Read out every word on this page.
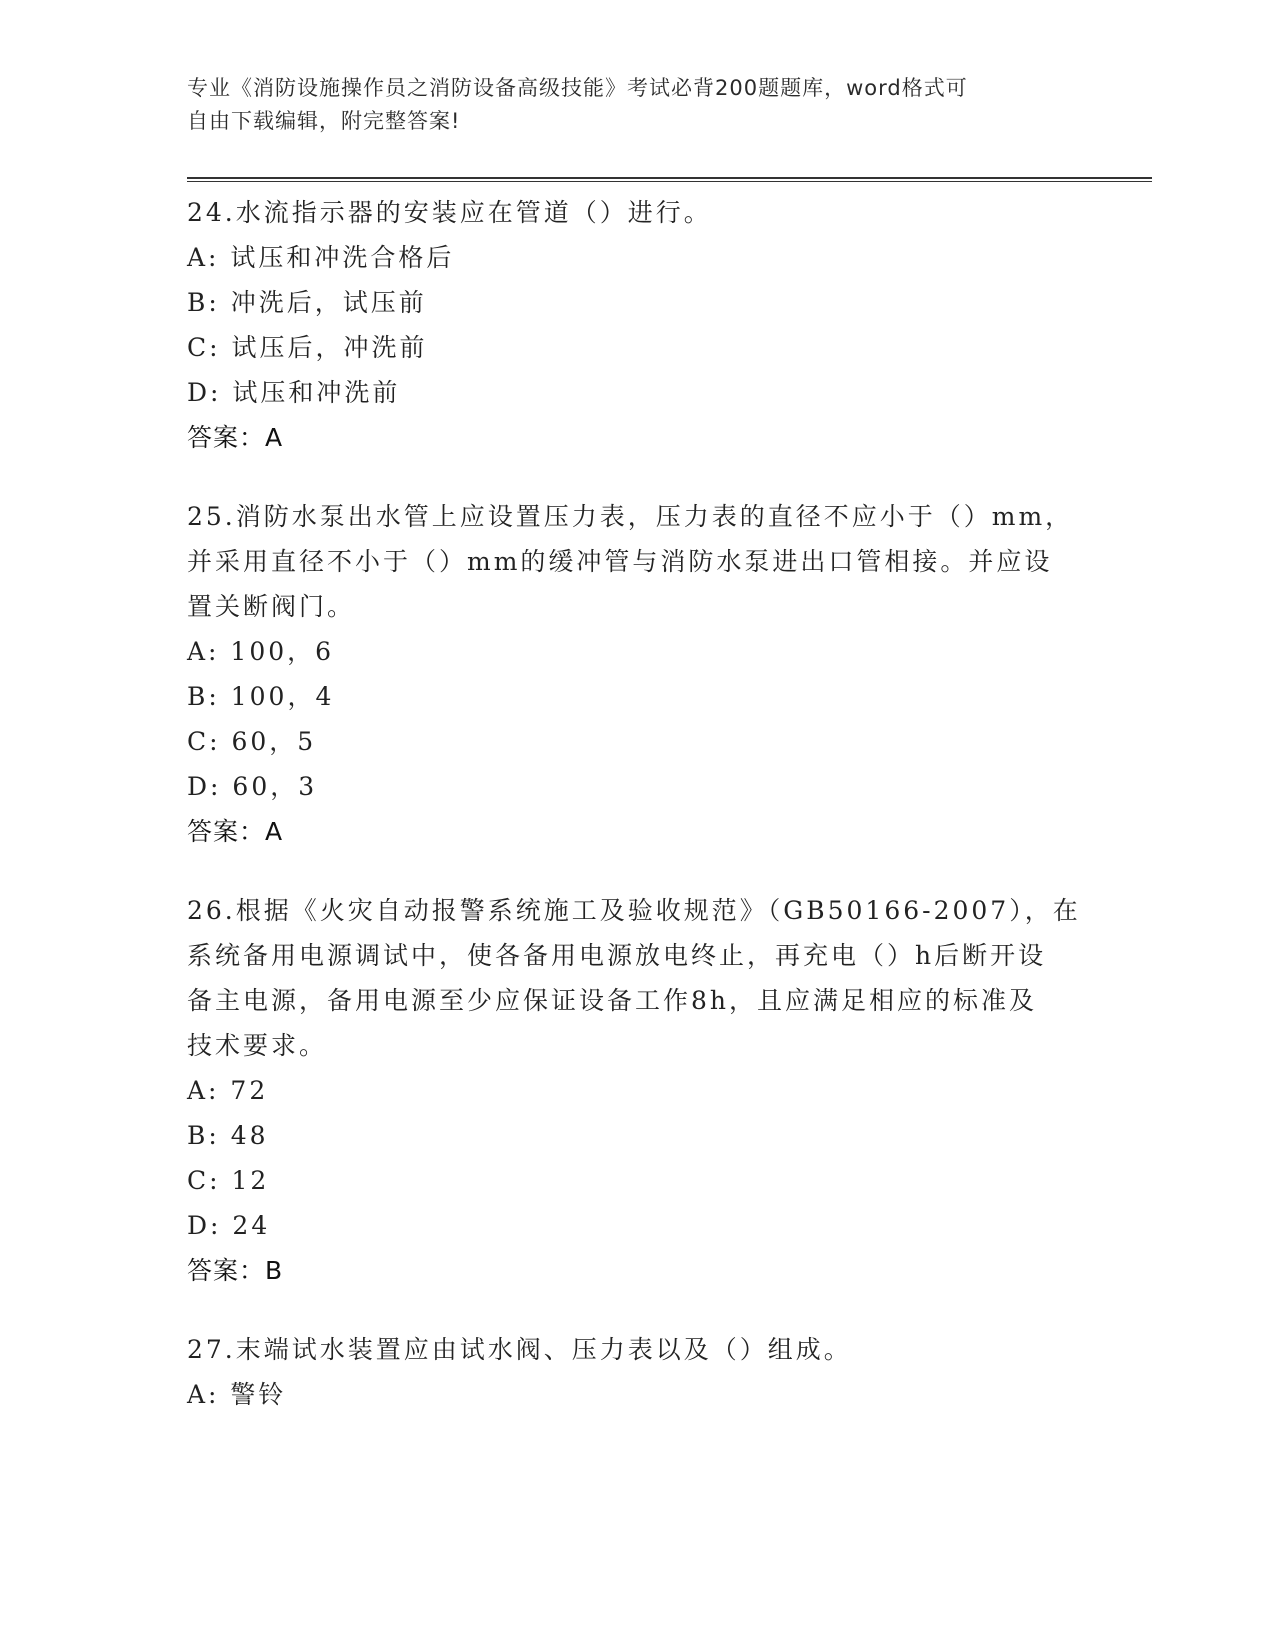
专业《消防设施操作员之消防设备高级技能》考试必背200题题库，word格式可
自由下载编辑，附完整答案!

24.水流指示器的安装应在管道（）进行。

A: 试压和冲洗合格后

B: 冲洗后，试压前

C: 试压后，冲洗前

D: 试压和冲洗前

答案：A

25.消防水泵出水管上应设置压力表，压力表的直径不应小于（）mm，

并采用直径不小于（）mm的缓冲管与消防水泵进出口管相接。并应设

置关断阀门。

A: 100，6

B: 100，4

C: 60，5

D: 60，3

答案：A

26.根据《火灾自动报警系统施工及验收规范》（GB50166-2007），在

系统备用电源调试中，使各备用电源放电终止，再充电（）h后断开设

备主电源，备用电源至少应保证设备工作8h，且应满足相应的标准及

技术要求。

A: 72

B: 48

C: 12

D: 24

答案：B

27.末端试水装置应由试水阀、压力表以及（）组成。

A: 警铃
